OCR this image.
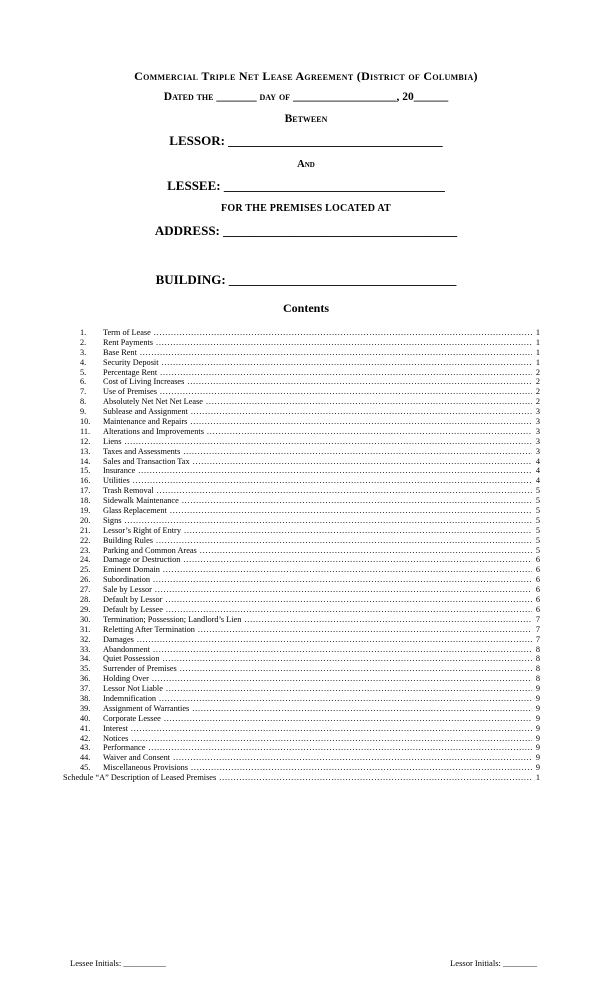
Commercial Triple Net Lease Agreement (District of Columbia)
Dated the _______ day of __________________, 20______
Between
LESSOR: _________________________________
And
LESSEE: __________________________________
FOR THE PREMISES LOCATED AT
ADDRESS: ____________________________________
BUILDING: ___________________________________
Contents
1.	Term of Lease .....	1
2.	Rent Payments .....	1
3.	Base Rent .....	1
4.	Security Deposit .....	1
5.	Percentage Rent .....	2
6.	Cost of Living Increases .....	2
7.	Use of Premises .....	2
8.	Absolutely Net Net Net Lease .....	2
9.	Sublease and Assignment .....	3
10.	Maintenance and Repairs .....	3
11.	Alterations and Improvements .....	3
12.	Liens .....	3
13.	Taxes and Assessments .....	3
14.	Sales and Transaction Tax .....	4
15.	Insurance .....	4
16.	Utilities .....	4
17.	Trash Removal .....	5
18.	Sidewalk Maintenance .....	5
19.	Glass Replacement .....	5
20.	Signs .....	5
21.	Lessor’s Right of Entry .....	5
22.	Building Rules .....	5
23.	Parking and Common Areas .....	5
24.	Damage or Destruction .....	6
25.	Eminent Domain .....	6
26.	Subordination .....	6
27.	Sale by Lessor .....	6
28.	Default by Lessor .....	6
29.	Default by Lessee .....	6
30.	Termination; Possession; Landlord’s Lien .....	7
31.	Reletting After Termination .....	7
32.	Damages .....	7
33.	Abandonment .....	8
34.	Quiet Possession .....	8
35.	Surrender of Premises .....	8
36.	Holding Over .....	8
37.	Lessor Not Liable .....	9
38.	Indemnification .....	9
39.	Assignment of Warranties .....	9
40.	Corporate Lessee .....	9
41.	Interest .....	9
42.	Notices .....	9
43.	Performance .....	9
44.	Waiver and Consent .....	9
45.	Miscellaneous Provisions .....	9
Schedule “A” Description of Leased Premises .....	1
Lessee Initials: __________	Lessor Initials: ________
